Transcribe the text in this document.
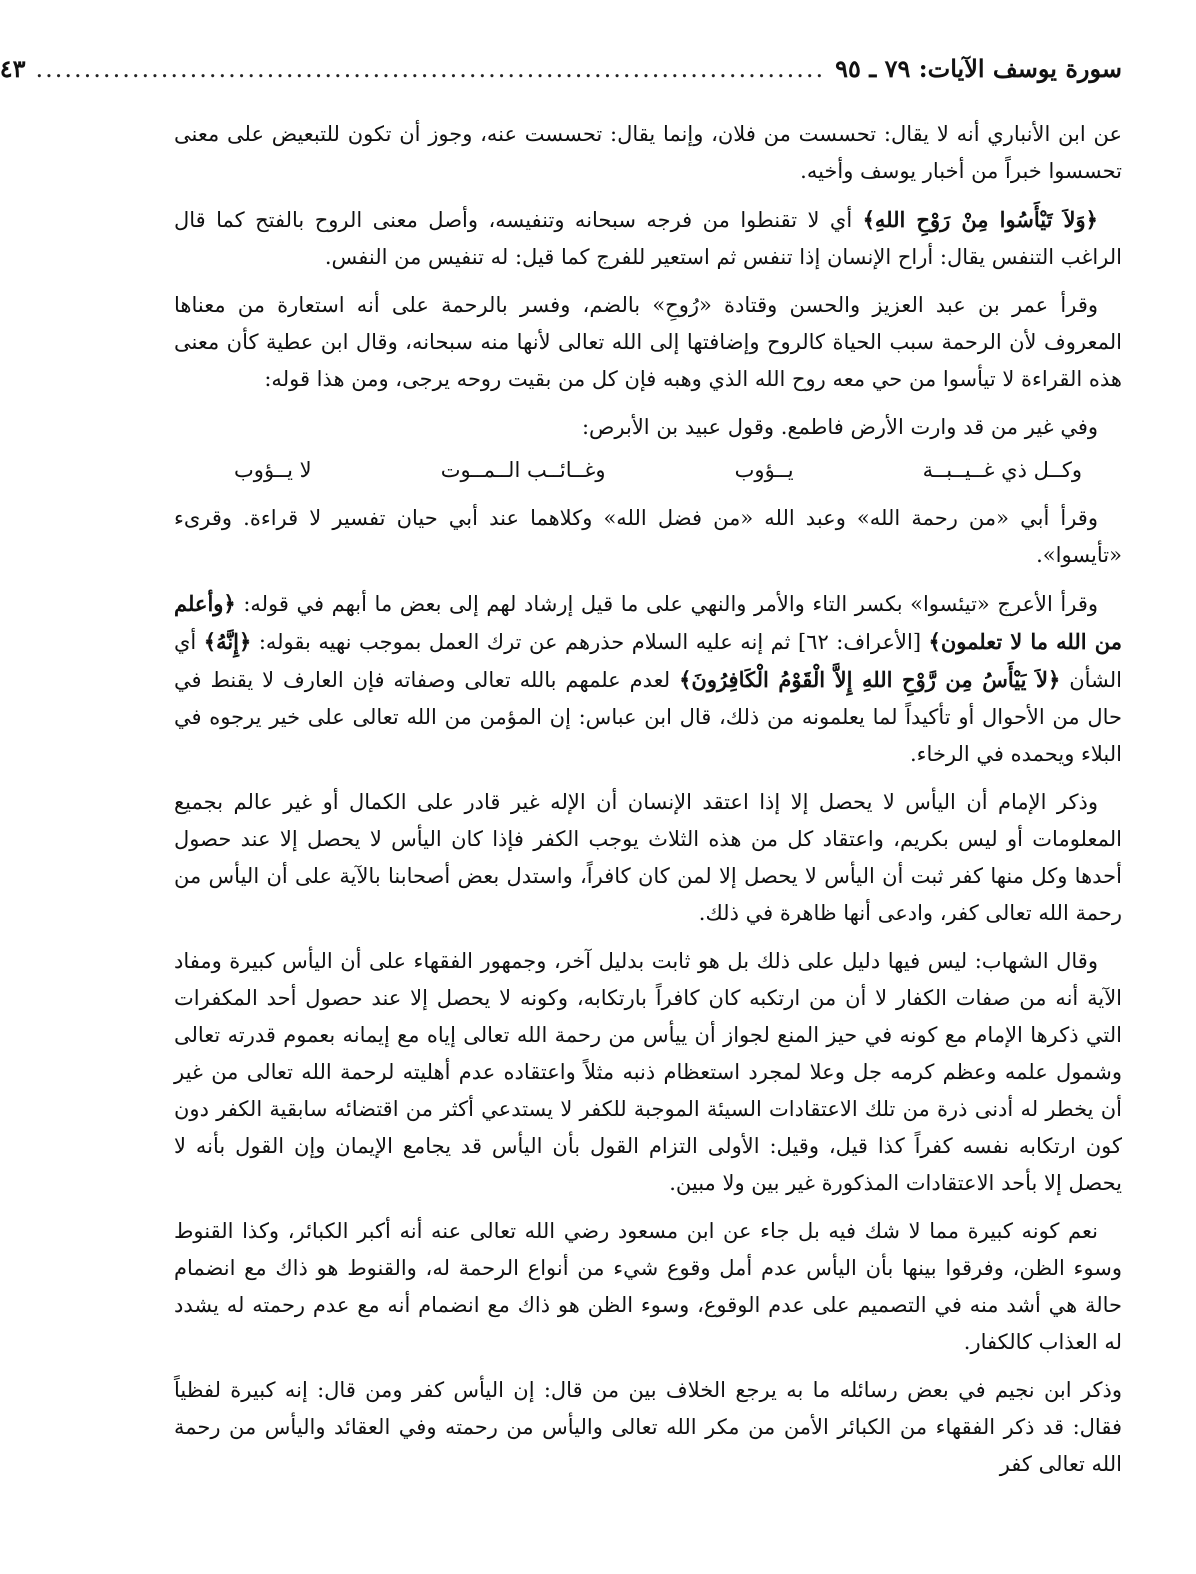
سورة يوسف الآيات: ٧٩ ـ ٩٥
..................................................................................
٤٣

عن ابن الأنباري أنه لا يقال: تحسست من فلان، وإنما يقال: تحسست عنه، وجوز أن تكون للتبعيض على معنى تحسسوا خبراً من أخبار يوسف وأخيه.

﴿وَلاَ تَيْأَسُوا مِنْ رَوْحِ اللهِ﴾ أي لا تقنطوا من فرجه سبحانه وتنفيسه، وأصل معنى الروح بالفتح كما قال الراغب التنفس يقال: أراح الإنسان إذا تنفس ثم استعير للفرج كما قيل: له تنفيس من النفس.

وقرأ عمر بن عبد العزيز والحسن وقتادة «رُوحِ» بالضم، وفسر بالرحمة على أنه استعارة من معناها المعروف لأن الرحمة سبب الحياة كالروح وإضافتها إلى الله تعالى لأنها منه سبحانه، وقال ابن عطية كأن معنى هذه القراءة لا تيأسوا من حي معه روح الله الذي وهبه فإن كل من بقيت روحه يرجى، ومن هذا قوله:

وفي غير من قد وارت الأرض فاطمع. وقول عبيد بن الأبرص:

وكــل ذي غــيــبــة
يــؤوب
وغــائــب الــمــوت
لا يــؤوب

وقرأ أبي «من رحمة الله» وعبد الله «من فضل الله» وكلاهما عند أبي حيان تفسير لا قراءة. وقرىء «تأيسوا».

وقرأ الأعرج «تيئسوا» بكسر التاء والأمر والنهي على ما قيل إرشاد لهم إلى بعض ما أبهم في قوله: ﴿وأعلم من الله ما لا تعلمون﴾ [الأعراف: ٦٢] ثم إنه عليه السلام حذرهم عن ترك العمل بموجب نهيه بقوله: ﴿إِنَّهُ﴾ أي الشأن ﴿لاَ يَيْأَسُ مِن رَّوْحِ اللهِ إِلاَّ الْقَوْمُ الْكَافِرُونَ﴾ لعدم علمهم بالله تعالى وصفاته فإن العارف لا يقنط في حال من الأحوال أو تأكيداً لما يعلمونه من ذلك، قال ابن عباس: إن المؤمن من الله تعالى على خير يرجوه في البلاء ويحمده في الرخاء.

وذكر الإمام أن اليأس لا يحصل إلا إذا اعتقد الإنسان أن الإله غير قادر على الكمال أو غير عالم بجميع المعلومات أو ليس بكريم، واعتقاد كل من هذه الثلاث يوجب الكفر فإذا كان اليأس لا يحصل إلا عند حصول أحدها وكل منها كفر ثبت أن اليأس لا يحصل إلا لمن كان كافراً، واستدل بعض أصحابنا بالآية على أن اليأس من رحمة الله تعالى كفر، وادعى أنها ظاهرة في ذلك.

وقال الشهاب: ليس فيها دليل على ذلك بل هو ثابت بدليل آخر، وجمهور الفقهاء على أن اليأس كبيرة ومفاد الآية أنه من صفات الكفار لا أن من ارتكبه كان كافراً بارتكابه، وكونه لا يحصل إلا عند حصول أحد المكفرات التي ذكرها الإمام مع كونه في حيز المنع لجواز أن ييأس من رحمة الله تعالى إياه مع إيمانه بعموم قدرته تعالى وشمول علمه وعظم كرمه جل وعلا لمجرد استعظام ذنبه مثلاً واعتقاده عدم أهليته لرحمة الله تعالى من غير أن يخطر له أدنى ذرة من تلك الاعتقادات السيئة الموجبة للكفر لا يستدعي أكثر من اقتضائه سابقية الكفر دون كون ارتكابه نفسه كفراً كذا قيل، وقيل: الأولى التزام القول بأن اليأس قد يجامع الإيمان وإن القول بأنه لا يحصل إلا بأحد الاعتقادات المذكورة غير بين ولا مبين.

نعم كونه كبيرة مما لا شك فيه بل جاء عن ابن مسعود رضي الله تعالى عنه أنه أكبر الكبائر، وكذا القنوط وسوء الظن، وفرقوا بينها بأن اليأس عدم أمل وقوع شيء من أنواع الرحمة له، والقنوط هو ذاك مع انضمام حالة هي أشد منه في التصميم على عدم الوقوع، وسوء الظن هو ذاك مع انضمام أنه مع عدم رحمته له يشدد له العذاب كالكفار.

وذكر ابن نجيم في بعض رسائله ما به يرجع الخلاف بين من قال: إن اليأس كفر ومن قال: إنه كبيرة لفظياً فقال: قد ذكر الفقهاء من الكبائر الأمن من مكر الله تعالى واليأس من رحمته وفي العقائد واليأس من رحمة الله تعالى كفر
